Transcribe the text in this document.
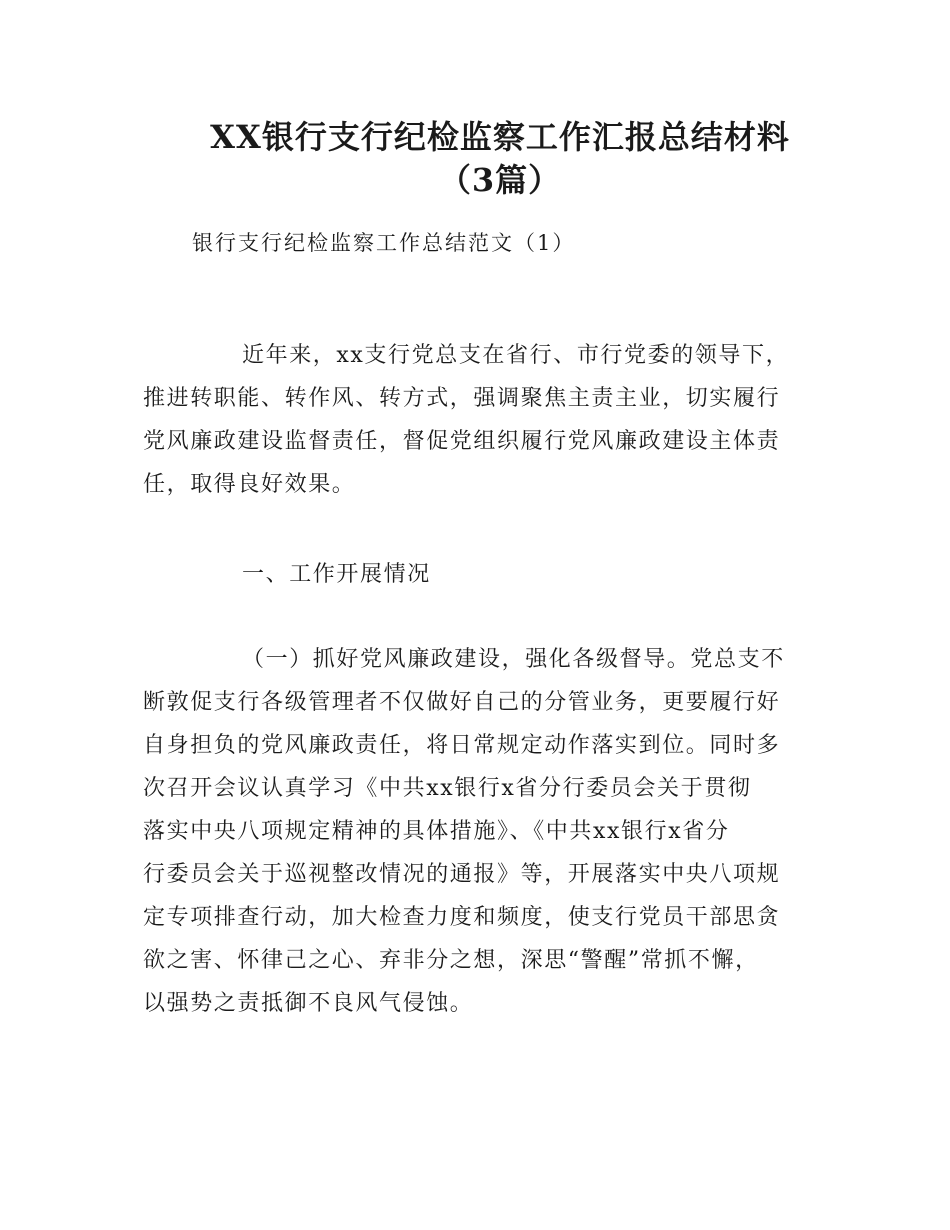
XX银行支行纪检监察工作汇报总结材料
（3篇）
银行支行纪检监察工作总结范文（1）
近年来，xx支行党总支在省行、市行党委的领导下，
推进转职能、转作风、转方式，强调聚焦主责主业，切实履行
党风廉政建设监督责任，督促党组织履行党风廉政建设主体责
任，取得良好效果。
一、工作开展情况
（一）抓好党风廉政建设，强化各级督导。党总支不
断敦促支行各级管理者不仅做好自己的分管业务，更要履行好
自身担负的党风廉政责任，将日常规定动作落实到位。同时多
次召开会议认真学习《中共xx银行x省分行委员会关于贯彻
落实中央八项规定精神的具体措施》、《中共xx银行x省分
行委员会关于巡视整改情况的通报》等，开展落实中央八项规
定专项排查行动，加大检查力度和频度，使支行党员干部思贪
欲之害、怀律己之心、弃非分之想，深思“警醒”常抓不懈，
以强势之责抵御不良风气侵蚀。
